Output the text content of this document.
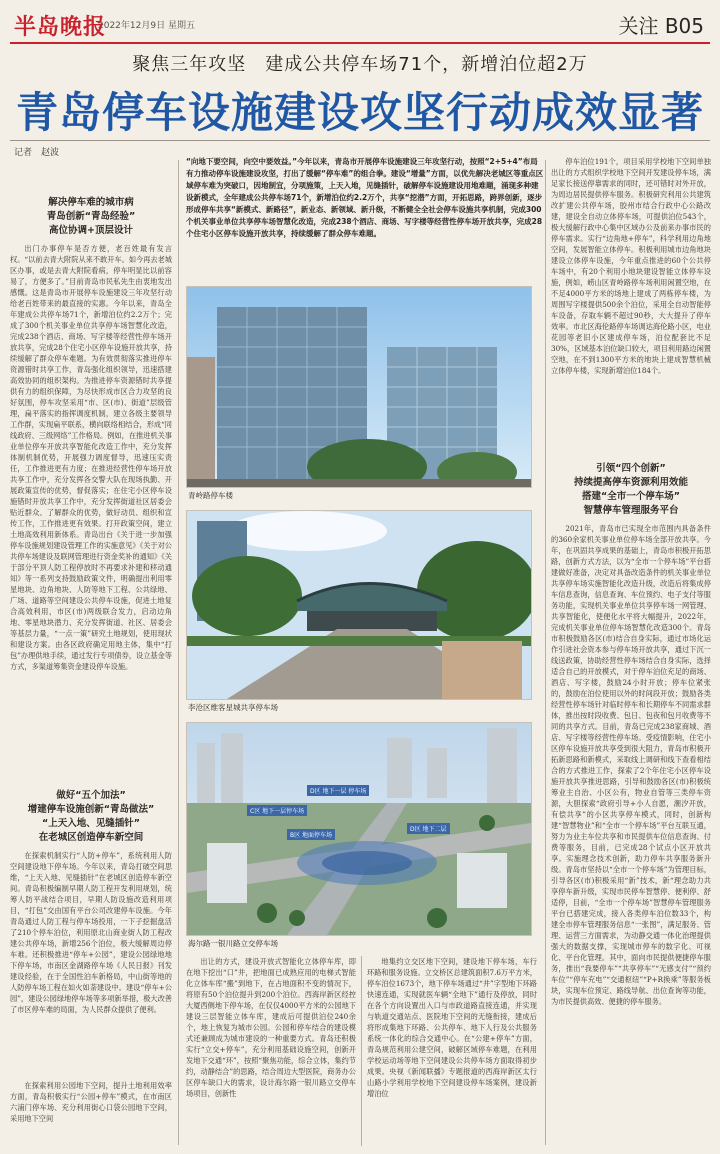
半岛晚报
2022年12月9日 星期五	关注 B05
聚焦三年攻坚　建成公共停车场71个，新增泊位超2万
青岛停车设施建设攻坚行动成效显著
记者　赵波
解决停车难的城市病
青岛创新“青岛经验”
高位协调+顶层设计

出门办事停车是否方便，老百姓最有发言权。“以前去青大附院从来不敢开车。如今再去老城区办事，或是去青大附院看病，停车明显比以前容易了，方便多了。”目前青岛市民私先生由衷地发出感慨。这是青岛市开展停车设施建设三年攻坚行动给老百姓带来的最直接的实惠。今年以来，青岛全年建成公共停车场71个，新增泊位约2.2万个；完成了300个机关事业单位共享停车场智慧化改造，完成238个酒店、商场、写字楼等经营性停车场开放共享，完成28个住宅小区停车设施开放共享，持续缓解了群众停车难题。为有效贯彻落实推进停车资源错时共享工作，青岛强化组织领导，迅速搭建高效协同的组织架构。为推进停车资源错时共享提供有力的组织保障，为尽快形成市区合力攻坚的良好氛围，停车攻坚采用“市、区(市)、街道”层级管理，扁平落实的指挥调度机制，建立各级主要领导工作群，实现扁平联系，横向联络相结合，形成“同线政府、三级网络”工作格局。例如，在推进机关事业单位停车开放共享智能化改造工作中，充分发挥体制机制优势，开展强力调度督导，迅速压实责任，工作推进更有力度；在推进经营性停车场开放共享工作中，充分发挥各交警大队在现场执勤、开展政策宣传的优势，督促落实；在住宅小区停车设施错时开放共享工作中，充分发挥街道社区居委会贴近群众、了解群众的优势，做好动员、组织和宣传工作，工作推进更有效果。打开政策空间，建立土地高效利用新体系。青岛出台《关于进一步加强停车设施规划建设管理工作的实施意见》《关于对公共停车场建设及联网管理进行资金奖补的通知》《关于部分平顶人防工程停放时不再要求补建和移动通知》等一系列支持鼓励政策文件，明确提出利用零星地块、边角地块、人防等地下工程、公共绿地、广场、道路等空间建设公共停车设施，促进土地复合高效利用，市区(市)两级联合发力，启动边角地、零星地块潜力、充分发挥街道、社区、居委会等基层力量，“一点一策”研究土地规划，使用现状和建设方案。由各区政府确定用地主体，集中“打包”办理供地手续，通过发行专项债券，设立基金等方式，多渠道筹集资金建设停车设施。

做好“五个加法”
增建停车设施创新“青岛做法”
“上天入地、见缝插针”
在老城区创造停车新空间

在探索机制实行“人防+停车”，系统利用人防空间建设地下停车场。今年以来，青岛打破空间思维，“上天入地、见缝插针”在老城区创造停车新空间。青岛积极编制早期人防工程开发利用规划，统筹人防平战结合项目，早期人防设施改造利用项目，“打包”交由国有平台公司改建停车设施。今年青岛通过人防工程与停车场投用，一下子挖掘盘活了210个停车泊位，利用原北山商业街人防工程改建公共停车场，新增256个泊位，极大缓解周边停车难。还积极推进“停车+公园”，建设公园绿地地下停车场，市南区金湖路停车场《人民日报》刊发建设经验，在于全国性泊车新格局，中山街等地的人防停车场工程在如火如荼建设中。建设“停车+公园”，建设公园绿地停车场等多项新举措，极大改善了市区停车难的局面，为人民群众提供了便利。

在探索利用公园地下空间，提升土地利用效率方面，青岛积极实行“公园+停车”模式，在市南区六浦门停车场、充分利用街心口袋公园地下空间，采用地下空间

“向地下要空间，向空中要效益。”今年以来，青岛市开展停车设施建设三年攻坚行动，按照“2+5+4”布局有力推动停车设施建设攻坚，打出了缓解“停车难”的组合拳。建设“增量”方面，以优先解决老城区等重点区域停车难为突破口，因地制宜，分项施策，上天入地，见缝插针，破解停车设施建设用地难题，涌现多种建设新模式，全年建成公共停车场71个，新增泊位约2.2万个，共享“挖潜”方面，开拓思路，跨界创新，逐步形成停车共享“新模式、新路径”，新业态、新领域、新升级，不断健全全社会停车设施共享机制，完成300个机关事业单位共享停车场智慧化改造，完成238个酒店、商场、写字楼等经营性停车场开放共享，完成28个住宅小区停车设施开放共享，持续缓解了群众停车难题。
青岭路停车楼
李沧区维客星城共享停车场
D区 地下一层 停车场
C区 地下一层停车场
B区 地面停车场
D区 地下二层
海尔路一银川路立交停车场

出让的方式，建设开放式智能化立体停车库，即在地下挖出“口”井，把地面已成熟应用的电梯式智能化立体车库“搬”到地下，在占地面积不变的情况下，将原有50个泊位提升到200个泊位。西海岸新区经控大厦西侧地下停车场，在仅仅4000平方米的公园地下建设三层智能立体车库，建成后可提供泊位240余个，地上恢复为城市公园。公园和停车结合的建设模式还兼顾成为城市建设的一种重要方式。青岛还积极实行“立交+停车”，充分利用基础设施空间，创新开发地下交通“环”，按照“聚焦功能，综合立体，集约节约，动静结合”的思路，结合周边大型医院，商务办公区停车缺口大的需求，设计海尔路一银川路立交停车场项目，创新性

地集约立交区地下空间，建设地下停车场，车行环路和服务设施。立交桥区总建筑面积7.6万平方米，停车泊位1673个，地下停车场通过“井”字型地下环路快速连通，实现就医车辆“全地下”通行及停放，同时在各个方向设置出入口与市政道路直接连通，并实现与轨道交通站点、医院地下空间的无缝衔接，建成后将形成集地下环路、公共停车、地下人行及公共服务系统一体化的综合交通中心。在“公建+停车”方面，青岛规范利用公建空间，破解区域停车难题，在利用学校运动场等地下空间建设公共停车场方面取得初步成果。央视《新闻联播》专题报道的西海岸新区太行山路小学利用学校地下空间建设停车场案例，建设新增泊位

停车泊位191个，项目采用学校地下空间单独出让的方式组织学校地下空间开发建设停车场，满足家长接送停靠需求的同时，还可错时对外开放，为周边居民提供停车服务。积极研究利用公共建筑改扩建公共停车场，胶州市结合行政中心公路改建，建设全自动立体停车场，可提供泊位543个，极大缓解行政中心集中区域办公及前来办事市民的停车需求。实行“边角地+停车”，科学利用边角地空间，发展智能立体停车。积极利用城市边角地块建设立体停车设施，今年重点推进的60个公共停车场中，有20个利用小地块建设智能立体停车设施，例如，崂山区青岭路停车场利用闲置空地，在不足4000平方米的场地上建成了两栋停车楼，为周围写字楼提供500余个泊位，采用全自动智能停车设备，存取车辆不超过90秒，大大提升了停车效率。市北区海伦路停车场调达海伦路小区，电业花园等老旧小区建成停车场，泊位配套比不足30%，区域基本泊位缺口较大，项目利用路边闲置空地，在不到1300平方米的地块上建成智慧机械立体停车楼，实现新增泊位184个。

引领“四个创新”
持续提高停车资源利用效能
搭建“全市一个停车场”
智慧停车管理服务平台

2021年，青岛市已实现全市范围内具备条件的360余家机关事业单位停车场全部开放共享。今年，在巩固共享成果的基础上，青岛市积极开拓思路，创新方式方法，以为“全市一个停车场”平台搭建做好准备，决定对具备改造条件的机关事业单位共享停车场实施智能化改造升级，改造后将集成停车信息查询，信息查询、车位预约、电子支付等服务功能，实现机关事业单位共享停车场一网管理、共享智能化，使便化水平将大幅提升，2022年，完成机关事业单位停车场智慧化改造300个。青岛市积极鼓励各区(市)结合自身实际，通过市场化运作引进社会资本参与停车场开放共享，通过下沉一线送政策，协助经营性停车场结合自身实际，选择适合自己的开放模式，对于停车泊位充足的商场、酒店、写字楼，鼓励24小时开放；停车位紧张的，鼓励在泊位使用以外的时间段开放；鼓励各类经营性停车场针对临时停车和长期停车不同需求群体，推出按时段收费、包日、包夜和包月收费等不同的共享方式。目前，青岛已完成238家商城、酒店、写字楼等经营性停车场。受疫情影响，住宅小区停车设施开放共享受到很大阻力，青岛市积极开拓新思路和新模式，采取线上调研和线下查看相结合的方式推进工作，探索了2个年住宅小区停车设施开放共享推进思路，引导和鼓励各区(市)积极统筹业主自治、小区公有，物业自管等三类停车资源，大胆探索“政府引导+小人自愿，潮汐开放，有偿共享”的小区共享停车模式，同时，创新构建“智慧物业”和“全市一个停车场”平台互联互通，努力为业主车位共享和市民提供车位信息查询、付费等服务，目前，已完成28个试点小区开放共享。实施理念技术创新，助力停车共享服务新升级。青岛市坚持以“全市一个停车场”为管理目标，引导各区(市)积极采用“新”技术，新“理念助力共享停车新升级，实现市民停车智慧停、便利停、舒适停，目前，“全市一个停车场”智慧停车管理服务平台已搭建完成，接入各类停车泊位数33个，构建全市停车管理服务信息“一张图”，满足服务、管理、运营三方面需求，为动静交通一体化治理提供强大的数据支撑，实现城市停车的数字化、可视化、平台化管理。其中，面向市民提供便捷停车服务，推出“我要停车”“共享停车”“无感支付”“预约车位”“停车充电”“交通枢纽”“P+R换乘”等服务板块，实现车位预定、路线导航、出位查询等功能，为市民提供高效、便捷的停车服务。
